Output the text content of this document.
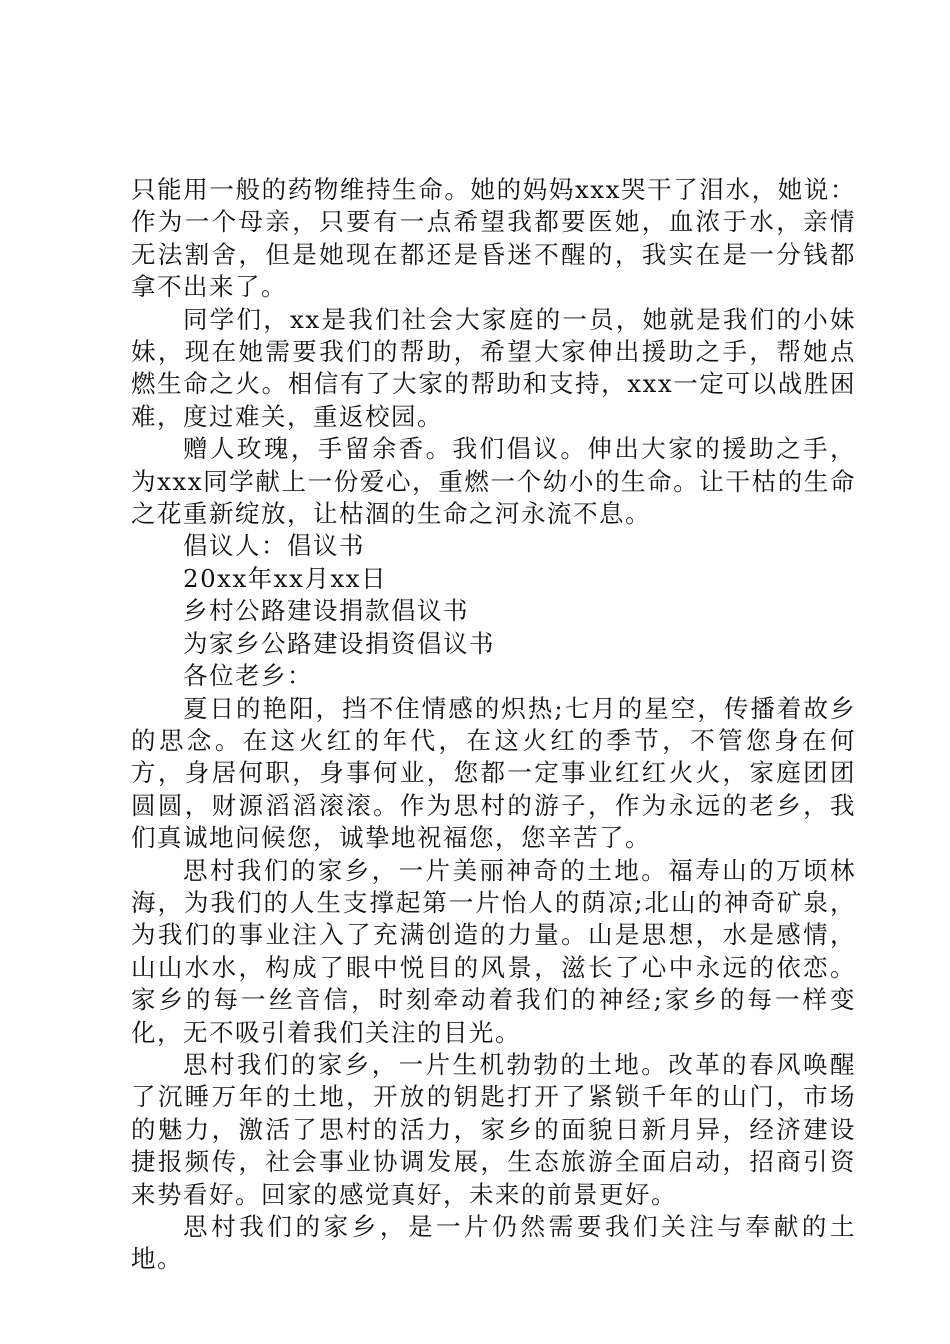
只能用一般的药物维持生命。她的妈妈xxx哭干了泪水，她说：作为一个母亲，只要有一点希望我都要医她，血浓于水，亲情无法割舍，但是她现在都还是昏迷不醒的，我实在是一分钱都拿不出来了。

同学们，xx是我们社会大家庭的一员，她就是我们的小妹妹，现在她需要我们的帮助，希望大家伸出援助之手，帮她点燃生命之火。相信有了大家的帮助和支持，xxx一定可以战胜困难，度过难关，重返校园。

赠人玫瑰，手留余香。我们倡议。伸出大家的援助之手，为xxx同学献上一份爱心，重燃一个幼小的生命。让干枯的生命之花重新绽放，让枯涸的生命之河永流不息。

倡议人：倡议书

20xx年xx月xx日

乡村公路建设捐款倡议书

为家乡公路建设捐资倡议书

各位老乡：

夏日的艳阳，挡不住情感的炽热;七月的星空，传播着故乡的思念。在这火红的年代，在这火红的季节，不管您身在何方，身居何职，身事何业，您都一定事业红红火火，家庭团团圆圆，财源滔滔滚滚。作为思村的游子，作为永远的老乡，我们真诚地问候您，诚挚地祝福您，您辛苦了。

思村我们的家乡，一片美丽神奇的土地。福寿山的万顷林海，为我们的人生支撑起第一片怡人的荫凉;北山的神奇矿泉，为我们的事业注入了充满创造的力量。山是思想，水是感情，山山水水，构成了眼中悦目的风景，滋长了心中永远的依恋。家乡的每一丝音信，时刻牵动着我们的神经;家乡的每一样变化，无不吸引着我们关注的目光。

思村我们的家乡，一片生机勃勃的土地。改革的春风唤醒了沉睡万年的土地，开放的钥匙打开了紧锁千年的山门，市场的魅力，激活了思村的活力，家乡的面貌日新月异，经济建设捷报频传，社会事业协调发展，生态旅游全面启动，招商引资来势看好。回家的感觉真好，未来的前景更好。

思村我们的家乡，是一片仍然需要我们关注与奉献的土地。
